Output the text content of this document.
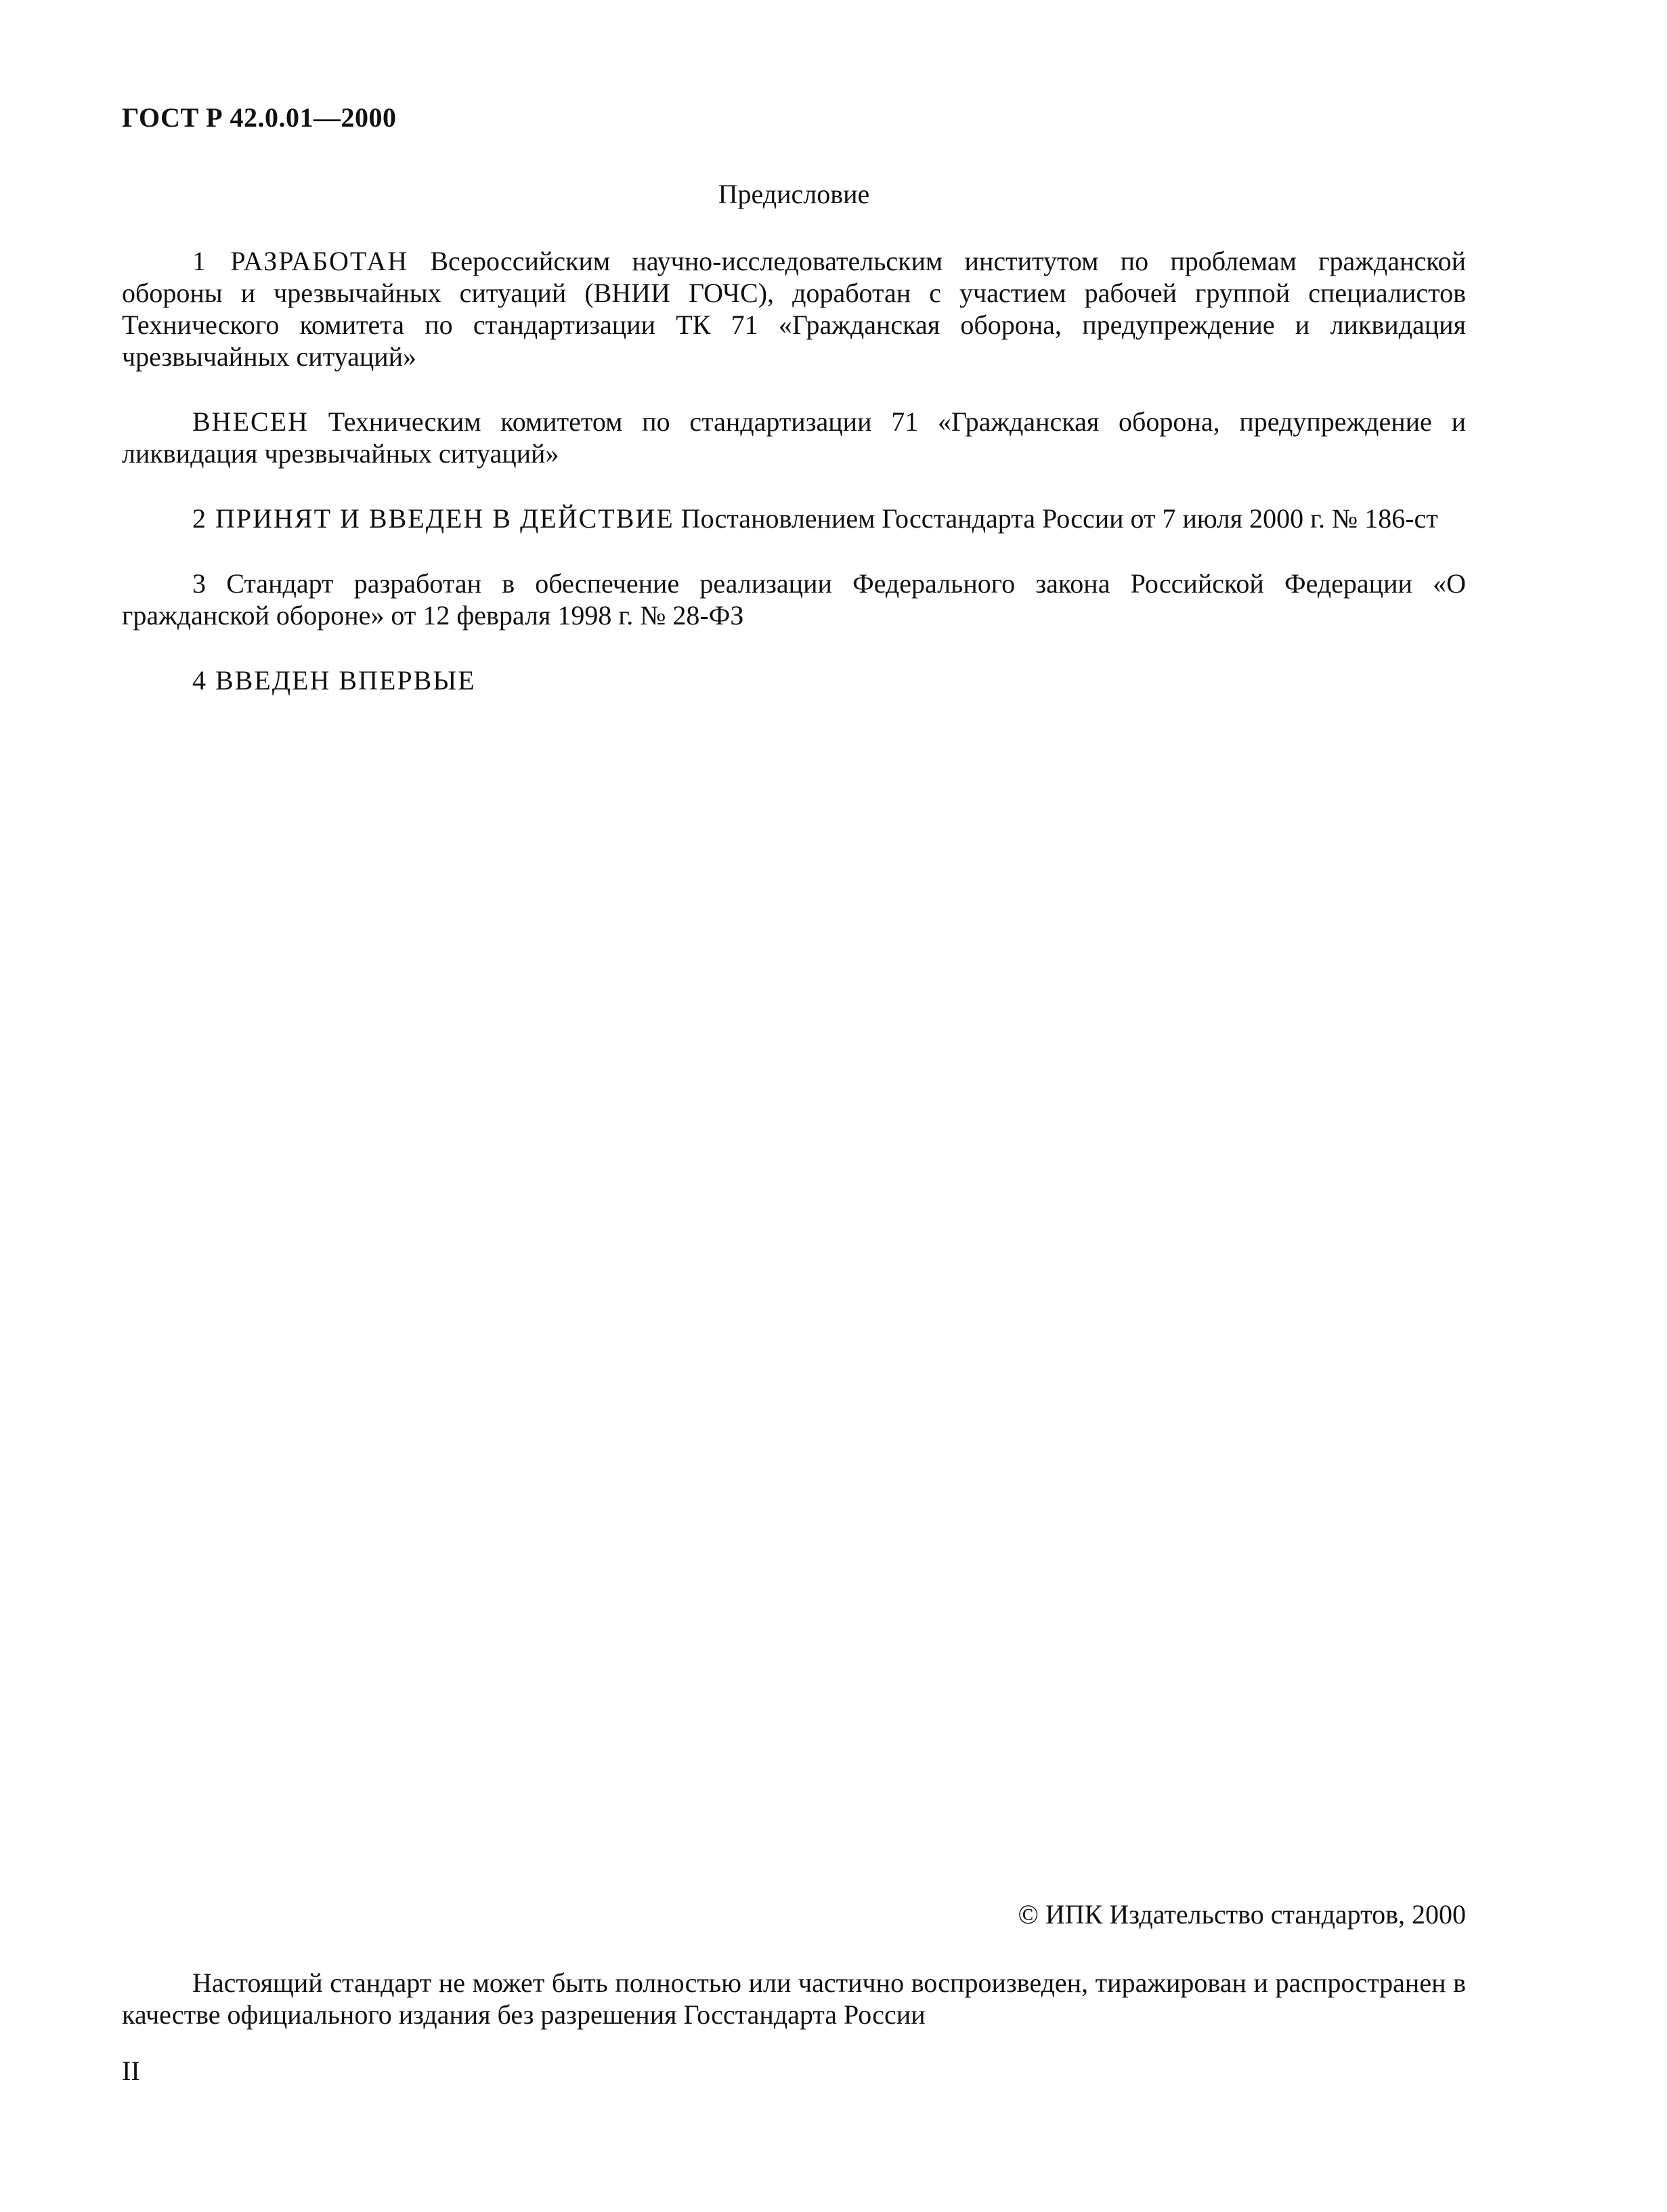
ГОСТ Р 42.0.01—2000
Предисловие

1 РАЗРАБОТАН Всероссийским научно-исследовательским институтом по проблемам гражданской обороны и чрезвычайных ситуаций (ВНИИ ГОЧС), доработан с участием рабочей группой специалистов Технического комитета по стандартизации ТК 71 «Гражданская оборона, предупреждение и ликвидация чрезвычайных ситуаций»

ВНЕСЕН Техническим комитетом по стандартизации 71 «Гражданская оборона, предупреждение и ликвидация чрезвычайных ситуаций»

2 ПРИНЯТ И ВВЕДЕН В ДЕЙСТВИЕ Постановлением Госстандарта России от 7 июля 2000 г. № 186-ст

3 Стандарт разработан в обеспечение реализации Федерального закона Российской Федерации «О гражданской обороне» от 12 февраля 1998 г. № 28-ФЗ

4 ВВЕДЕН ВПЕРВЫЕ

© ИПК Издательство стандартов, 2000
Настоящий стандарт не может быть полностью или частично воспроизведен, тиражирован и распространен в качестве официального издания без разрешения Госстандарта России
II
